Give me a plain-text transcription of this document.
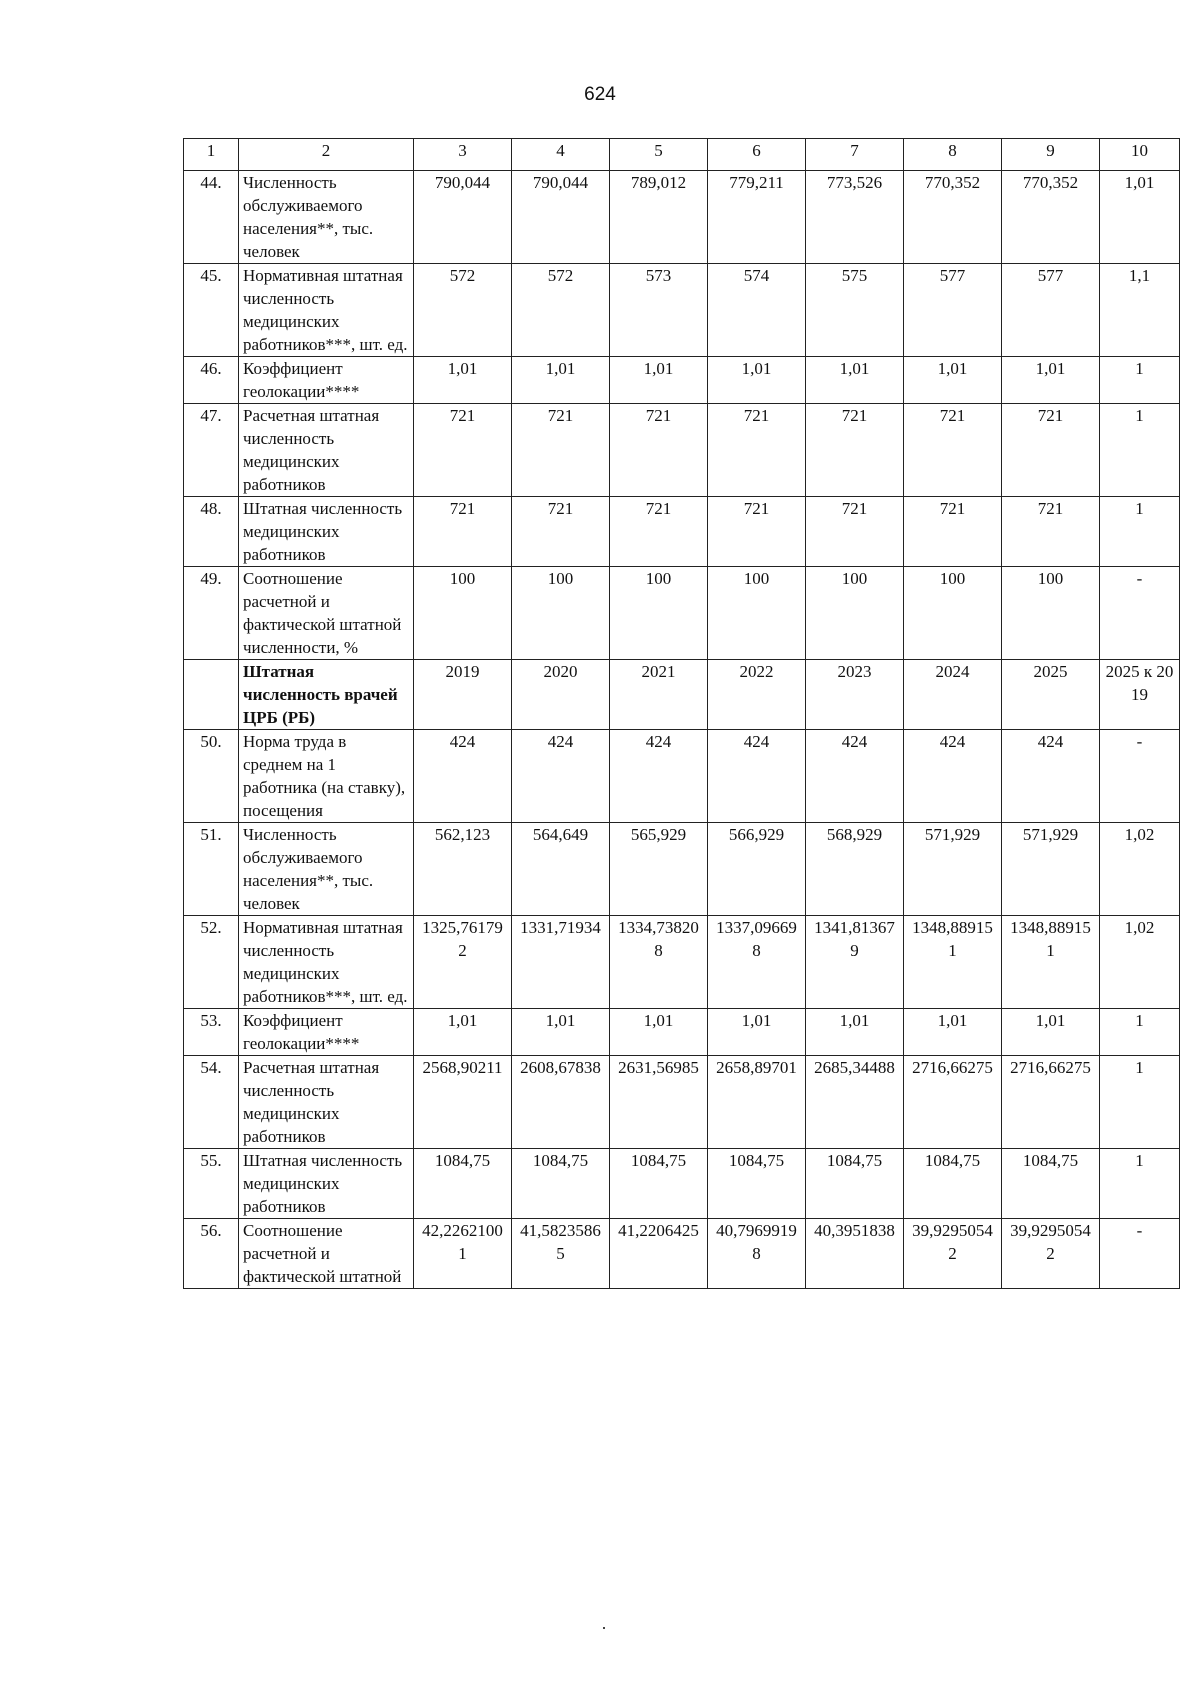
624
1	2	3	4	5	6	7	8	9	10
44.	Численность обслуживаемого населения**, тыс. человек	790,044	790,044	789,012	779,211	773,526	770,352	770,352	1,01
45.	Нормативная штатная численность медицинских работников***, шт. ед.	572	572	573	574	575	577	577	1,1
46.	Коэффициент геолокации****	1,01	1,01	1,01	1,01	1,01	1,01	1,01	1
47.	Расчетная штатная численность медицинских работников	721	721	721	721	721	721	721	1
48.	Штатная численность медицинских работников	721	721	721	721	721	721	721	1
49.	Соотношение расчетной и фактической штатной численности, %	100	100	100	100	100	100	100	-
	Штатная численность врачей ЦРБ (РБ)	2019	2020	2021	2022	2023	2024	2025	2025 к 2019
50.	Норма труда в среднем на 1 работника (на ставку), посещения	424	424	424	424	424	424	424	-
51.	Численность обслуживаемого населения**, тыс. человек	562,123	564,649	565,929	566,929	568,929	571,929	571,929	1,02
52.	Нормативная штатная численность медицинских работников***, шт. ед.	1325,761792	1331,71934	1334,738208	1337,096698	1341,813679	1348,889151	1348,889151	1,02
53.	Коэффициент геолокации****	1,01	1,01	1,01	1,01	1,01	1,01	1,01	1
54.	Расчетная штатная численность медицинских работников	2568,90211	2608,67838	2631,56985	2658,89701	2685,34488	2716,66275	2716,66275	1
55.	Штатная численность медицинских работников	1084,75	1084,75	1084,75	1084,75	1084,75	1084,75	1084,75	1
56.	Соотношение расчетной и фактической штатной	42,22621001	41,58235865	41,2206425	40,79699198	40,3951838	39,92950542	39,92950542	-
